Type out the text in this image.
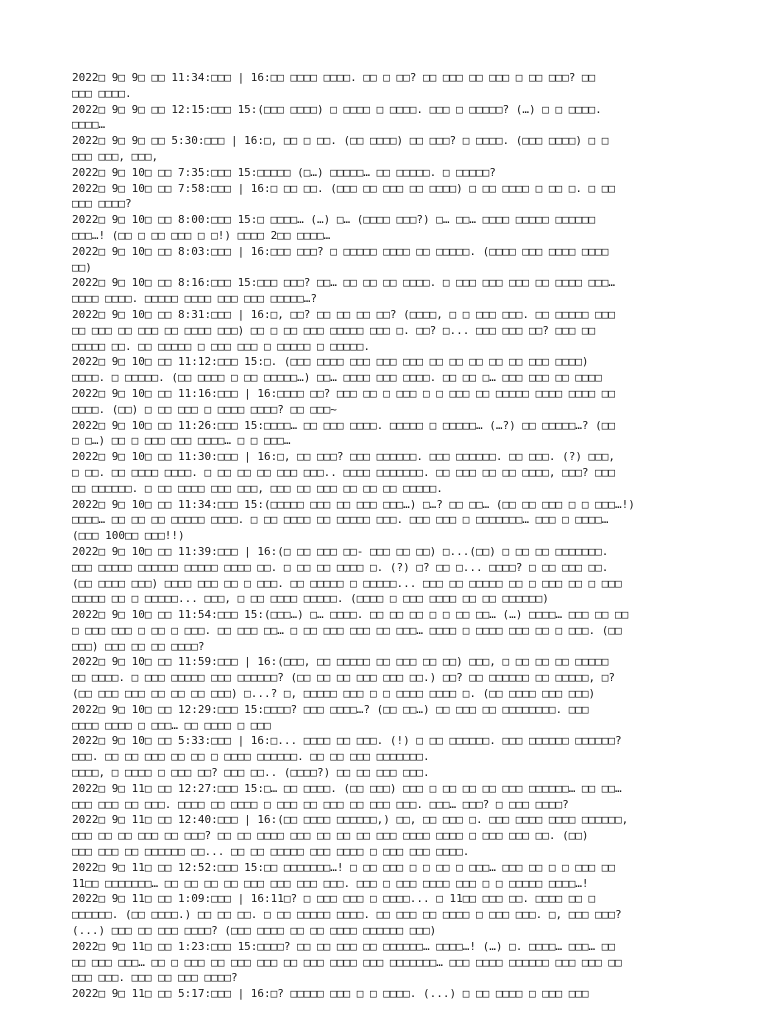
2022□ 9□ 9□ □□ 11:34:□□□ | 16:□□ □□□□ □□□□. □□ □ □□? □□ □□□ □□ □□□ □ □□ □□□? □□
□□□ □□□□.
2022□ 9□ 9□ □□ 12:15:□□□ 15:(□□□ □□□□) □ □□□□ □ □□□□. □□□ □ □□□□□? (…) □ □ □□□□.
□□□□…
2022□ 9□ 9□ □□ 5:30:□□□ | 16:□, □□ □ □□. (□□ □□□□) □□ □□□? □ □□□□. (□□□ □□□□) □ □
□□□ □□□, □□□,
2022□ 9□ 10□ □□ 7:35:□□□ 15:□□□□□ (□…) □□□□□… □□ □□□□□. □ □□□□□?
2022□ 9□ 10□ □□ 7:58:□□□ | 16:□ □□ □□. (□□□ □□ □□□ □□ □□□□) □ □□ □□□□ □ □□ □. □ □□
□□□ □□□□?
2022□ 9□ 10□ □□ 8:00:□□□ 15:□ □□□□… (…) □… (□□□□ □□□?) □… □□… □□□□ □□□□□ □□□□□□
□□□…! (□□ □ □□ □□□ □ □!) □□□□ 2□□ □□□□…
2022□ 9□ 10□ □□ 8:03:□□□ | 16:□□□ □□□? □ □□□□□ □□□□ □□ □□□□□. (□□□□ □□□ □□□□ □□□□
□□)
2022□ 9□ 10□ □□ 8:16:□□□ 15:□□□ □□□? □□… □□ □□ □□ □□□□. □ □□□ □□□ □□□ □□ □□□□ □□□…
□□□□ □□□□. □□□□□ □□□□ □□□ □□□ □□□□□…?
2022□ 9□ 10□ □□ 8:31:□□□ | 16:□, □□? □□ □□ □□ □□? (□□□□, □ □ □□□ □□□. □□ □□□□□ □□□
□□ □□□ □□ □□□ □□ □□□□ □□□) □□ □ □□ □□□ □□□□□ □□□ □. □□? □... □□□ □□□ □□? □□□ □□
□□□□□ □□. □□ □□□□□ □ □□□ □□□ □ □□□□□ □ □□□□□.
2022□ 9□ 10□ □□ 11:12:□□□ 15:□. (□□□ □□□□ □□□ □□□ □□□ □□ □□ □□ □□ □□ □□□ □□□□)
□□□□. □ □□□□□. (□□ □□□□ □ □□ □□□□□…) □□… □□□□ □□□ □□□□. □□ □□ □… □□□ □□□ □□ □□□□
2022□ 9□ 10□ □□ 11:16:□□□ | 16:□□□□ □□? □□□ □□ □ □□□ □ □ □□□ □□ □□□□□ □□□□ □□□□ □□
□□□□. (□□) □ □□ □□□ □ □□□□ □□□□? □□ □□□~
2022□ 9□ 10□ □□ 11:26:□□□ 15:□□□□… □□ □□□ □□□□. □□□□□ □ □□□□□… (…?) □□ □□□□□…? (□□
□ □…) □□ □ □□□ □□□ □□□□… □ □ □□□…
2022□ 9□ 10□ □□ 11:30:□□□ | 16:□, □□ □□□? □□□ □□□□□□. □□□ □□□□□□. □□ □□□. (?) □□□,
□ □□. □□ □□□□ □□□□. □ □□ □□ □□ □□□ □□□.. □□□□ □□□□□□□. □□ □□□ □□ □□ □□□□, □□□? □□□
□□ □□□□□□. □ □□ □□□□ □□□ □□□, □□□ □□ □□□ □□ □□ □□ □□□□□.
2022□ 9□ 10□ □□ 11:34:□□□ 15:(□□□□□ □□□ □□ □□□ □□□…) □…? □□ □□… (□□ □□ □□□ □ □ □□□…!)
□□□□… □□ □□ □□ □□□□□ □□□□. □ □□ □□□□ □□ □□□□□ □□□. □□□ □□□ □ □□□□□□□… □□□ □ □□□□…
(□□□ 100□□ □□□!!)
2022□ 9□ 10□ □□ 11:39:□□□ | 16:(□ □□ □□□ □□- □□□ □□ □□) □...(□□) □ □□ □□ □□□□□□□.
□□□ □□□□□ □□□□□□ □□□□□ □□□□ □□. □ □□ □□ □□□□ □. (?) □? □□ □... □□□□? □ □□ □□□ □□.
(□□ □□□□ □□□) □□□□ □□□ □□ □ □□□. □□ □□□□□ □ □□□□□... □□□ □□ □□□□□ □□ □ □□□ □□ □ □□□
□□□□□ □□ □ □□□□□... □□□, □ □□ □□□□ □□□□□. (□□□□ □ □□□ □□□□ □□ □□ □□□□□□)
2022□ 9□ 10□ □□ 11:54:□□□ 15:(□□□…) □… □□□□. □□ □□ □□ □ □ □□ □□… (…) □□□□… □□□ □□ □□
□ □□□ □□□ □ □□ □ □□□. □□ □□□ □□… □ □□ □□□ □□□ □□ □□□… □□□□ □ □□□□ □□□ □□ □ □□□. (□□
□□□) □□□ □□ □□ □□□□?
2022□ 9□ 10□ □□ 11:59:□□□ | 16:(□□□, □□ □□□□□ □□ □□□ □□ □□) □□□, □ □□ □□ □□ □□□□□
□□ □□□□. □ □□□ □□□□□ □□□ □□□□□□? (□□ □□ □□ □□□ □□□ □□.) □□? □□ □□□□□□ □□ □□□□□, □?
(□□ □□□ □□□ □□ □□ □□ □□□) □...? □, □□□□□ □□□ □ □ □□□□ □□□□ □. (□□ □□□□ □□□ □□□)
2022□ 9□ 10□ □□ 12:29:□□□ 15:□□□□? □□□ □□□□…? (□□ □□…) □□ □□□ □□ □□□□□□□□. □□□
□□□□ □□□□ □ □□□… □□ □□□□ □ □□□
2022□ 9□ 10□ □□ 5:33:□□□ | 16:□... □□□□ □□ □□□. (!) □ □□ □□□□□□. □□□ □□□□□□ □□□□□□?
□□□. □□ □□ □□□ □□ □□ □ □□□□ □□□□□□. □□ □□ □□□ □□□□□□□.
□□□□, □ □□□□ □ □□□ □□? □□□ □□.. (□□□□?) □□ □□ □□□ □□□.
2022□ 9□ 11□ □□ 12:27:□□□ 15:□… □□ □□□□. (□□ □□□) □□□ □ □□ □□ □□ □□□ □□□□□□… □□ □□…
□□□ □□□ □□ □□□. □□□□ □□ □□□□ □ □□□ □□ □□□ □□ □□□ □□□. □□□… □□□? □ □□□ □□□□?
2022□ 9□ 11□ □□ 12:40:□□□ | 16:(□□ □□□□ □□□□□□,) □□, □□ □□□ □. □□□ □□□□ □□□□ □□□□□□,
□□□ □□ □□ □□□ □□ □□□? □□ □□ □□□□ □□□ □□ □□ □□ □□□ □□□□ □□□□ □ □□□ □□□ □□. (□□)
□□□ □□□ □□ □□□□□□ □□... □□ □□ □□□□□ □□□ □□□□ □ □□□ □□□ □□□□.
2022□ 9□ 11□ □□ 12:52:□□□ 15:□□ □□□□□□□…! □ □□ □□□ □ □ □□ □ □□□… □□□ □□ □ □ □□□ □□
11□□ □□□□□□□… □□ □□ □□ □□ □□□ □□□ □□□ □□□. □□□ □ □□□ □□□□ □□□ □ □ □□□□□ □□□□…!
2022□ 9□ 11□ □□ 1:09:□□□ | 16:11□? □ □□□ □□□ □ □□□□... □ 11□□ □□□ □□. □□□□ □□ □
□□□□□□. (□□ □□□□.) □□ □□ □□. □ □□ □□□□□ □□□□. □□ □□□ □□ □□□□ □ □□□ □□□. □, □□□ □□□?
(...) □□□ □□ □□□ □□□□? (□□□ □□□□ □□ □□ □□□□ □□□□□□ □□□)
2022□ 9□ 11□ □□ 1:23:□□□ 15:□□□□? □□ □□ □□□ □□ □□□□□□… □□□□…! (…) □. □□□□… □□□… □□
□□ □□□ □□□… □□ □ □□□ □□ □□□ □□□ □□ □□□ □□□□ □□□ □□□□□□□… □□□ □□□□ □□□□□□ □□□ □□□ □□
□□□ □□□. □□□ □□ □□□ □□□□?
2022□ 9□ 11□ □□ 5:17:□□□ | 16:□? □□□□□ □□□ □ □ □□□□. (...) □ □□ □□□□ □ □□□ □□□
